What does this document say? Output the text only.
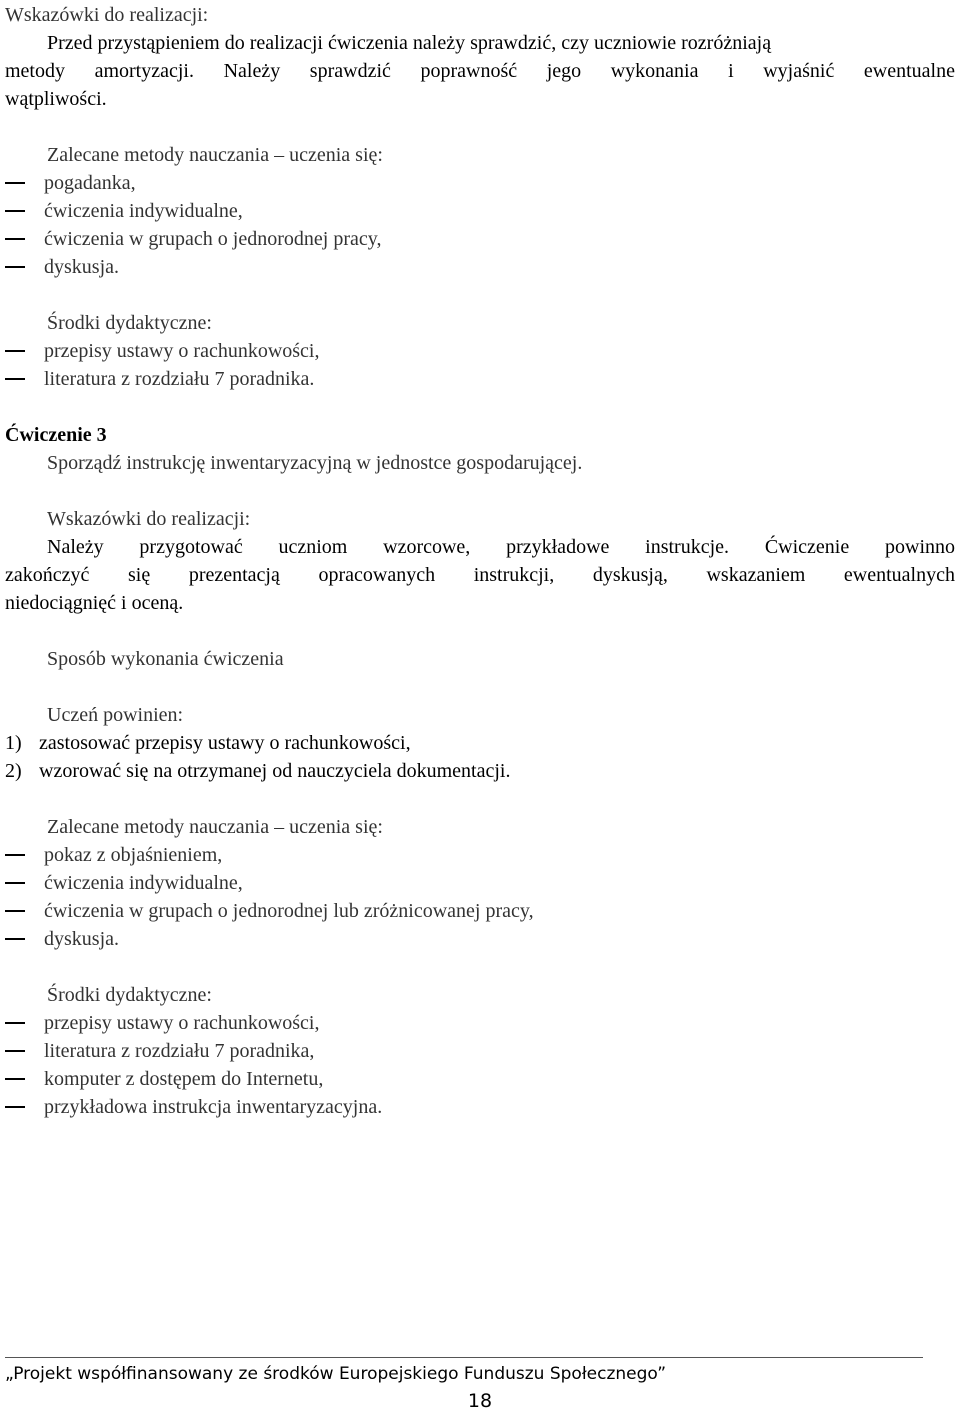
Wskazówki do realizacji:
Przed przystąpieniem do realizacji ćwiczenia należy sprawdzić, czy uczniowie rozróżniają
metody amortyzacji. Należy sprawdzić poprawność jego wykonania i wyjaśnić ewentualne
wątpliwości.
Zalecane metody nauczania – uczenia się:
pogadanka,
ćwiczenia indywidualne,
ćwiczenia w grupach o jednorodnej pracy,
dyskusja.
Środki dydaktyczne:
przepisy ustawy o rachunkowości,
literatura z rozdziału 7 poradnika.
Ćwiczenie 3
Sporządź instrukcję inwentaryzacyjną w jednostce gospodarującej.
Wskazówki do realizacji:
Należy przygotować uczniom wzorcowe, przykładowe instrukcje. Ćwiczenie powinno
zakończyć się prezentacją opracowanych instrukcji, dyskusją, wskazaniem ewentualnych
niedociągnięć i oceną.
Sposób wykonania ćwiczenia
Uczeń powinien:
1) zastosować przepisy ustawy o rachunkowości,
2) wzorować się na otrzymanej od nauczyciela dokumentacji.
Zalecane metody nauczania – uczenia się:
pokaz z objaśnieniem,
ćwiczenia indywidualne,
ćwiczenia w grupach o jednorodnej lub zróżnicowanej pracy,
dyskusja.
Środki dydaktyczne:
przepisy ustawy o rachunkowości,
literatura z rozdziału 7 poradnika,
komputer z dostępem do Internetu,
przykładowa instrukcja inwentaryzacyjna.
„Projekt współfinansowany ze środków Europejskiego Funduszu Społecznego”
18
